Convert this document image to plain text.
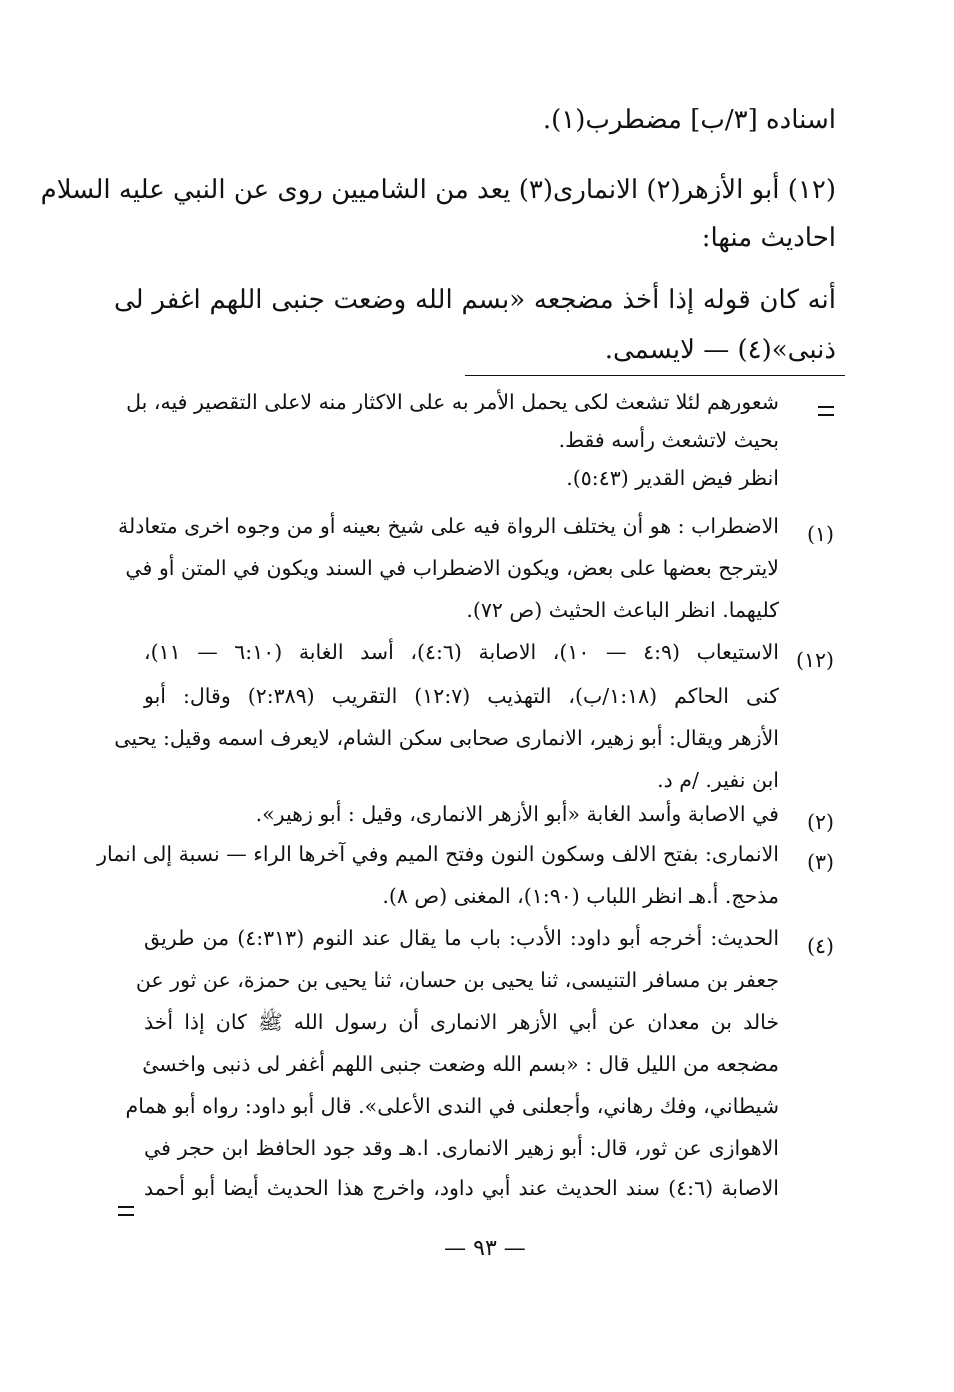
اسناده [٣/ب] مضطرب(١).
(١٢) أبو الأزهر(٢) الانمارى(٣) يعد من الشاميين روى عن النبي عليه السلام
احاديث منها:
أنه كان قوله إذا أخذ مضجعه «بسم الله وضعت جنبى اللهم اغفر لى
ذنبى»(٤) — لايسمى.
شعورهم لئلا تشعث لكى يحمل الأمر به على الاكثار منه لاعلى التقصير فيه، بل
بحيث لاتشعث رأسه فقط.
انظر فيض القدير (٥:٤٣).
(١)
الاضطراب : هو أن يختلف الرواة فيه على شيخ بعينه أو من وجوه اخرى متعادلة
لايترجح بعضها على بعض، ويكون الاضطراب في السند ويكون في المتن أو في
كليهما. انظر الباعث الحثيث (ص ٧٢).
(١٢)
الاستيعاب (٤:٩ — ١٠)، الاصابة (٤:٦)، أسد الغابة (٦:١٠ — ١١)،
كنى الحاكم (١:١٨/ب)، التهذيب (١٢:٧) التقريب (٢:٣٨٩) وقال: أبو
الأزهر ويقال: أبو زهير، الانمارى صحابى سكن الشام، لايعرف اسمه وقيل: يحيى
ابن نفير. /م د.
(٢)
في الاصابة وأسد الغابة «أبو الأزهر الانمارى، وقيل : أبو زهير».
(٣)
الانمارى: بفتح الالف وسكون النون وفتح الميم وفي آخرها الراء — نسبة إلى انمار
مذحج. أ.هـ انظر اللباب (١:٩٠)، المغنى (ص ٨).
(٤)
الحديث: أخرجه أبو داود: الأدب: باب ما يقال عند النوم (٤:٣١٣) من طريق
جعفر بن مسافر التنيسى، ثنا يحيى بن حسان، ثنا يحيى بن حمزة، عن ثور عن
خالد بن معدان عن أبي الأزهر الانمارى أن رسول الله ﷺ كان إذا أخذ
مضجعه من الليل قال : «بسم الله وضعت جنبى اللهم أغفر لى ذنبى واخسئ
شيطاني، وفك رهاني، وأجعلنى في الندى الأعلى». قال أبو داود: رواه أبو همام
الاهوازى عن ثور، قال: أبو زهير الانمارى. ا.هـ وقد جود الحافظ ابن حجر في
الاصابة (٤:٦) سند الحديث عند أبي داود، واخرج هذا الحديث أيضا أبو أحمد
— ٩٣ —
